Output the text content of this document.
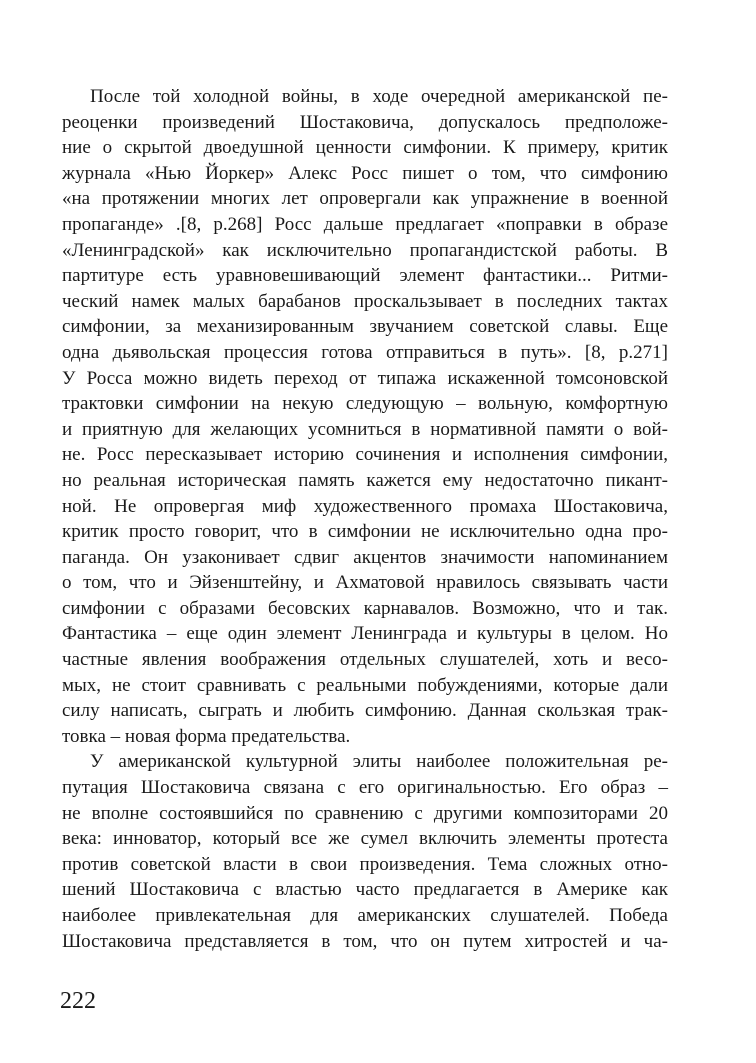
После той холодной войны, в ходе очередной американской пе-
реоценки произведений Шостаковича, допускалось предположе-
ние о скрытой двоедушной ценности симфонии. К примеру, критик
журнала «Нью Йоркер» Алекс Росс пишет о том, что симфонию
«на протяжении многих лет опровергали как упражнение в военной
пропаганде» .[8, p.268] Росс дальше предлагает «поправки в образе
«Ленинградской» как исключительно пропагандистской работы. В
партитуре есть уравновешивающий элемент фантастики... Ритми-
ческий намек малых барабанов проскальзывает в последних тактах
симфонии, за механизированным звучанием советской славы. Еще
одна дьявольская процессия готова отправиться в путь». [8, p.271]
У Росса можно видеть переход от типажа искаженной томсоновской
трактовки симфонии на некую следующую – вольную, комфортную
и приятную для желающих усомниться в нормативной памяти о вой-
не. Росс пересказывает историю сочинения и исполнения симфонии,
но реальная историческая память кажется ему недостаточно пикант-
ной. Не опровергая миф художественного промаха Шостаковича,
критик просто говорит, что в симфонии не исключительно одна про-
паганда. Он узаконивает сдвиг акцентов значимости напоминанием
о том, что и Эйзенштейну, и Ахматовой нравилось связывать части
симфонии с образами бесовских карнавалов. Возможно, что и так.
Фантастика – еще один элемент Ленинграда и культуры в целом. Но
частные явления воображения отдельных слушателей, хоть и весо-
мых, не стоит сравнивать с реальными побуждениями, которые дали
силу написать, сыграть и любить симфонию. Данная скользкая трак-
товка – новая форма предательства.
У американской культурной элиты наиболее положительная ре-
путация Шостаковича связана с его оригинальностью. Его образ –
не вполне состоявшийся по сравнению с другими композиторами 20
века: инноватор, который все же сумел включить элементы протеста
против советской власти в свои произведения. Тема сложных отно-
шений Шостаковича с властью часто предлагается в Америке как
наиболее привлекательная для американских слушателей. Победа
Шостаковича представляется в том, что он путем хитростей и ча-
222
